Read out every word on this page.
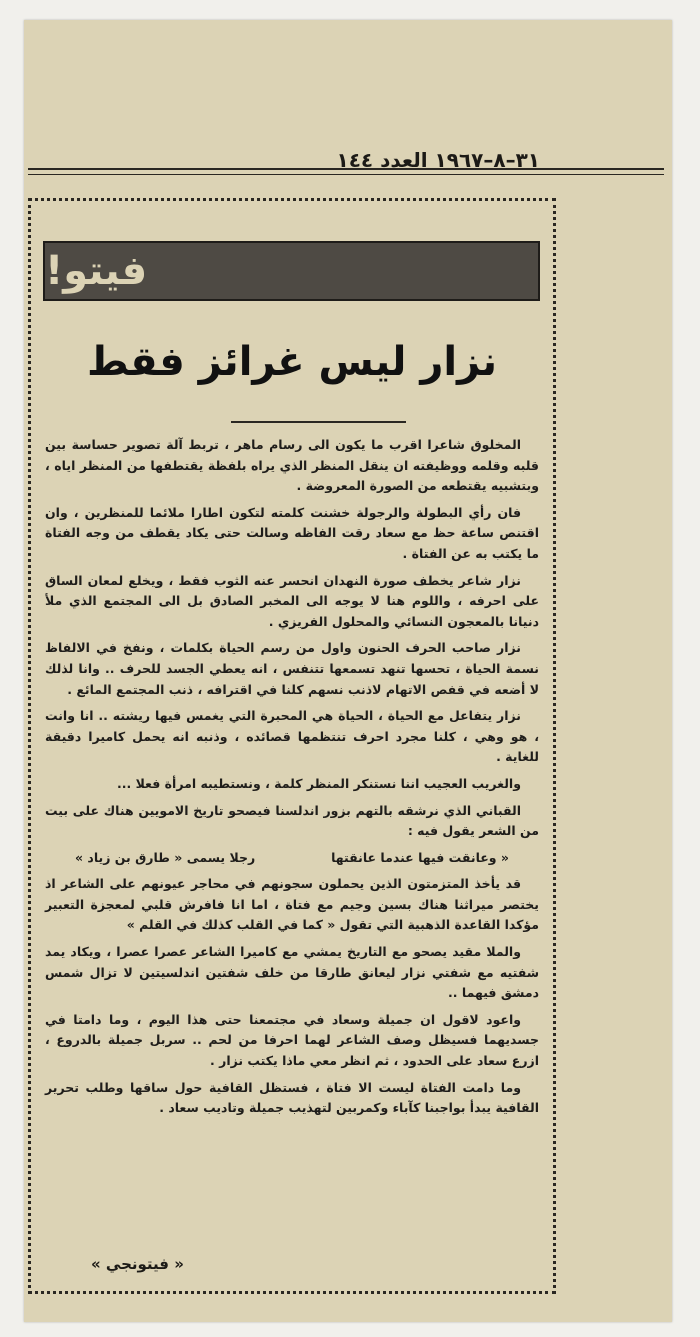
٣١–٨–١٩٦٧ العدد ١٤٤
فيتو!
نزار ليس غرائز فقط

المخلوق شاعرا اقرب ما يكون الى رسام ماهر ، تربط آلة تصوير حساسة بين قلبه وقلمه ووظيفته ان ينقل المنظر الذي يراه بلفظة يقتطفها من المنظر اياه ، وبتشبيه يقتطعه من الصورة المعروضة .

فان رأي البطولة والرجولة خشنت كلمته لتكون اطارا ملائما للمنظرين ، وان اقتنص ساعة حظ مع سعاد رقت الفاظه وسالت حتى يكاد يقطف من وجه الفتاة ما يكتب به عن الفتاة .

نزار شاعر يخطف صورة النهدان انحسر عنه الثوب فقط ، ويخلع لمعان الساق على احرفه ، واللوم هنا لا يوجه الى المخبر الصادق بل الى المجتمع الذي ملأ دنيانا بالمعجون النسائي والمحلول الفريزي .

نزار صاحب الحرف الحنون واول من رسم الحياة بكلمات ، ونفخ في الالفاظ نسمة الحياة ، تحسها تنهد تسمعها تتنفس ، انه يعطي الجسد للحرف .. وانا لذلك لا أضعه في قفص الاتهام لاذنب نسهم كلنا في اقترافه ، ذنب المجتمع المائع .

نزار يتفاعل مع الحياة ، الحياة هي المحبرة التي يغمس فيها ريشته .. انا وانت ، هو وهي ، كلنا مجرد احرف تنتظمها قصائده ، وذنبه انه يحمل كاميرا دقيقة للغاية .

والغريب العجيب اننا نستنكر المنظر كلمة ، ونستطيبه امرأة فعلا ...

القباني الذي نرشقه بالتهم بزور اندلسنا فيصحو تاريخ الامويين هناك على بيت من الشعر يقول فيه :

« وعانقت فيها عندما عانقتها
رجلا يسمى « طارق بن زياد »

قد يأخذ المتزمتون الذين يحملون سجونهم في محاجر عيونهم على الشاعر اذ يختصر ميراثنا هناك بسين وجيم مع فتاة ، اما انا فافرش قلبي لمعجزة التعبير مؤكدا القاعدة الذهبية التي تقول « كما في القلب كذلك في القلم »

والملا مقيد يصحو مع التاريخ يمشي مع كاميرا الشاعر عصرا عصرا ، ويكاد يمد شفتيه مع شفتي نزار ليعانق طارقا من خلف شفتين اندلسيتين لا تزال شمس دمشق فيهما ..

واعود لاقول ان جميلة وسعاد في مجتمعنا حتى هذا اليوم ، وما دامتا في جسديهما فسيظل وصف الشاعر لهما احرفا من لحم .. سربل جميلة بالدروع ، ازرع سعاد على الحدود ، ثم انظر معي ماذا يكتب نزار .

وما دامت الفتاة ليست الا فتاة ، فستظل القافية حول ساقها وطلب تحرير القافية يبدأ بواجبنا كآباء وكمربين لتهذيب جميلة وتاديب سعاد .

« فيتونجي »
